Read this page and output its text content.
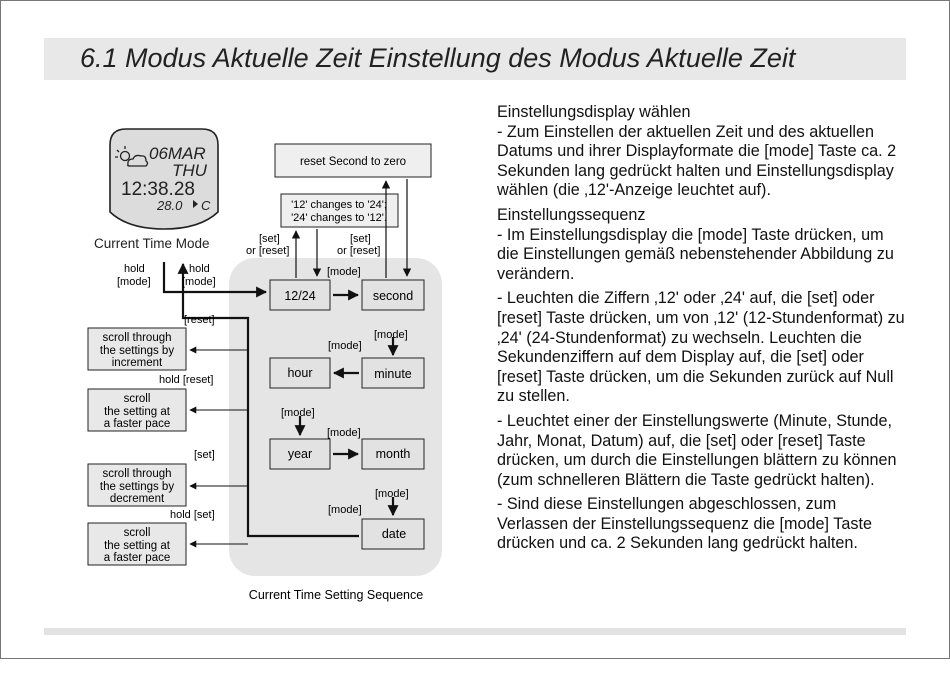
6.1 Modus Aktuelle Zeit Einstellung des Modus Aktuelle Zeit
06MAR
THU
12:38.28
28.0 C
Current Time Mode
reset Second to zero
'12' changes to '24';
'24' changes to '12'.
12/24	second
hour	minute
year	month
date
[set]
or [reset]
[set]
or [reset]
[mode]
[mode]
[mode]
[mode]
[mode]
[mode]
[mode]
hold
[mode]
hold
[mode]
[reset]
hold [reset]
[set]
hold [set]
scroll through
the settings by
increment
scroll
the setting at
a faster pace
scroll through
the settings by
decrement
scroll
the setting at
a faster pace
Current Time Setting Sequence

Einstellungsdisplay wählen

- Zum Einstellen der aktuellen Zeit und des aktuellen Datums und ihrer Displayformate die [mode] Taste ca. 2 Sekunden lang gedrückt halten und Einstellungsdisplay wählen (die ‚12'-Anzeige leuchtet auf).

Einstellungssequenz

- Im Einstellungsdisplay die [mode] Taste drücken, um die Einstellungen gemäß nebenstehender Abbildung zu verändern.

- Leuchten die Ziffern ‚12' oder ‚24' auf, die [set] oder [reset] Taste drücken, um von ‚12' (12-Stundenformat) zu ‚24' (24-Stundenformat) zu wechseln. Leuchten die Sekundenziffern auf dem Display auf, die [set] oder [reset] Taste drücken, um die Sekunden zurück auf Null zu stellen.

- Leuchtet einer der Einstellungswerte (Minute, Stunde, Jahr, Monat, Datum) auf, die [set] oder [reset] Taste drücken, um durch die Einstellungen blättern zu können (zum schnelleren Blättern die Taste gedrückt halten).

- Sind diese Einstellungen abgeschlossen, zum Verlassen der Einstellungssequenz die [mode] Taste drücken und ca. 2 Sekunden lang gedrückt halten.
